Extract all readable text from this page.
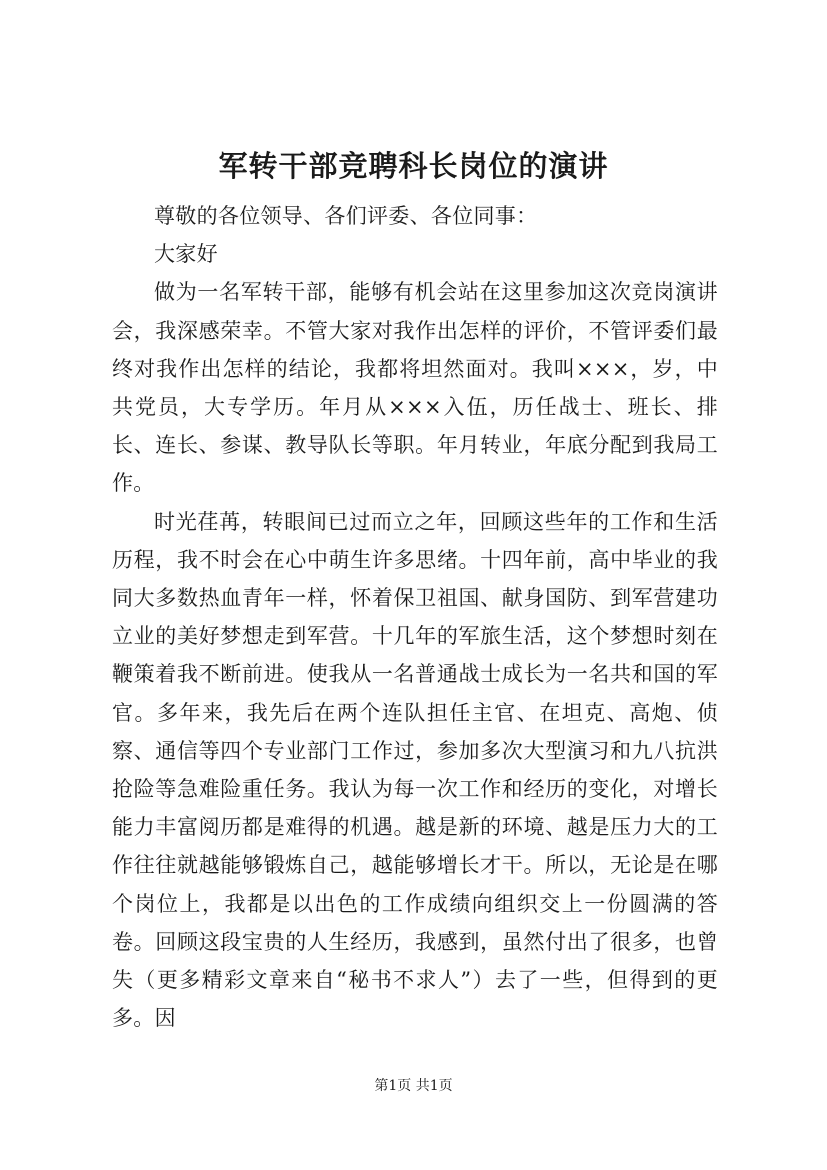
军转干部竞聘科长岗位的演讲

尊敬的各位领导、各们评委、各位同事：

大家好

做为一名军转干部，能够有机会站在这里参加这次竞岗演讲会，我深感荣幸。不管大家对我作出怎样的评价，不管评委们最终对我作出怎样的结论，我都将坦然面对。我叫×××，岁，中共党员，大专学历。年月从×××入伍，历任战士、班长、排长、连长、参谋、教导队长等职。年月转业，年底分配到我局工作。

时光荏苒，转眼间已过而立之年，回顾这些年的工作和生活历程，我不时会在心中萌生许多思绪。十四年前，高中毕业的我同大多数热血青年一样，怀着保卫祖国、献身国防、到军营建功立业的美好梦想走到军营。十几年的军旅生活，这个梦想时刻在鞭策着我不断前进。使我从一名普通战士成长为一名共和国的军官。多年来，我先后在两个连队担任主官、在坦克、高炮、侦察、通信等四个专业部门工作过，参加多次大型演习和九八抗洪抢险等急难险重任务。我认为每一次工作和经历的变化，对增长能力丰富阅历都是难得的机遇。越是新的环境、越是压力大的工作往往就越能够锻炼自己，越能够增长才干。所以，无论是在哪个岗位上，我都是以出色的工作成绩向组织交上一份圆满的答卷。回顾这段宝贵的人生经历，我感到，虽然付出了很多，也曾失（更多精彩文章来自“秘书不求人”）去了一些，但得到的更多。因

第1页 共1页
